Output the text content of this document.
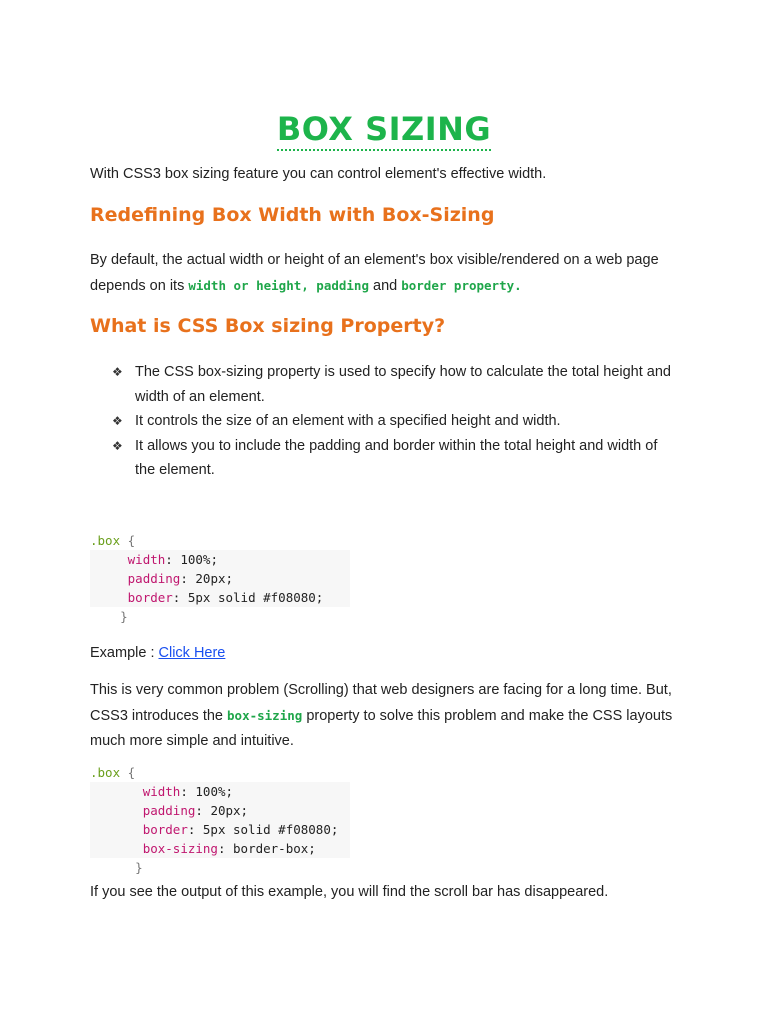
BOX SIZING
With CSS3 box sizing feature you can control element's effective width.
Redefining Box Width with Box-Sizing
By default, the actual width or height of an element's box visible/rendered on a web page depends on its width or height, padding and border property.
What is CSS Box sizing Property?
❖ The CSS box-sizing property is used to specify how to calculate the total height and width of an element.
❖ It controls the size of an element with a specified height and width.
❖ It allows you to include the padding and border within the total height and width of the element.
.box {
width: 100%;
padding: 20px;
border: 5px solid #f08080;
}
Example : Click Here
This is very common problem (Scrolling) that web designers are facing for a long time. But, CSS3 introduces the box-sizing property to solve this problem and make the CSS layouts much more simple and intuitive.
.box {
width: 100%;
padding: 20px;
border: 5px solid #f08080;
box-sizing: border-box;
}
If you see the output of this example, you will find the scroll bar has disappeared.
